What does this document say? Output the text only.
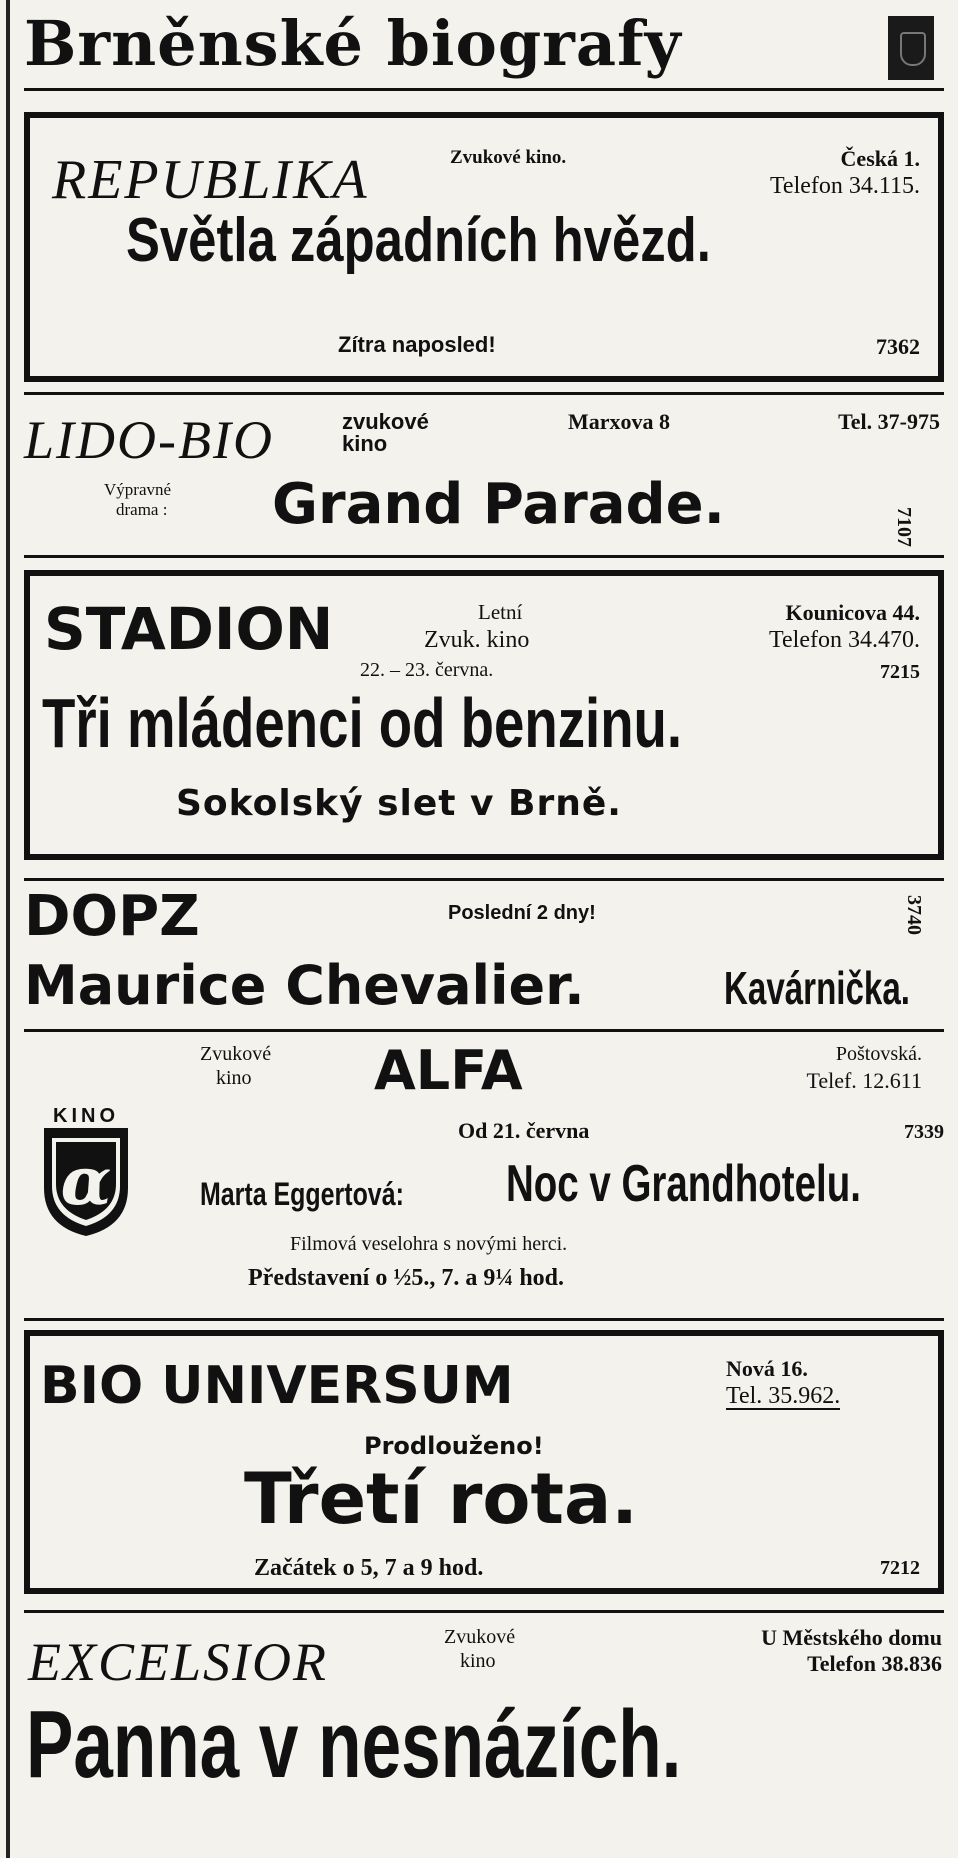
Brněnské biografy
REPUBLIKA	Zvukové kino.	Česká 1.
Telefon 34.115.
Světla západních hvězd.
Zítra naposled!	7362
LIDO-BIO	zvukové
kino
Marxova 8	Tel. 37-975
Výpravné
drama : Grand Parade.	7107
STADION	Letní
Zvuk. kino
Kounicova 44.
Telefon 34.470.
22. – 23. června.	7215
Tři mládenci od benzinu.
Sokolský slet v Brně.
DOPZ	Poslední 2 dny!	3740
Maurice Chevalier.	Kavárnička.
Zvukové
kino ALFA	Poštovská.
Telef. 12.611
KINO
α
Od 21. června	7339
Marta Eggertová: Noc v Grandhotelu.
Filmová veselohra s novými herci.
Představení o ½5., 7. a 9¼ hod.
BIO UNIVERSUM	Nová 16.
Tel. 35.962.
Prodlouženo!
Třetí rota.
Začátek o 5, 7 a 9 hod.	7212
EXCELSIOR	Zvukové
kino
U Městského domu
Telefon 38.836
Panna v nesnázích.
